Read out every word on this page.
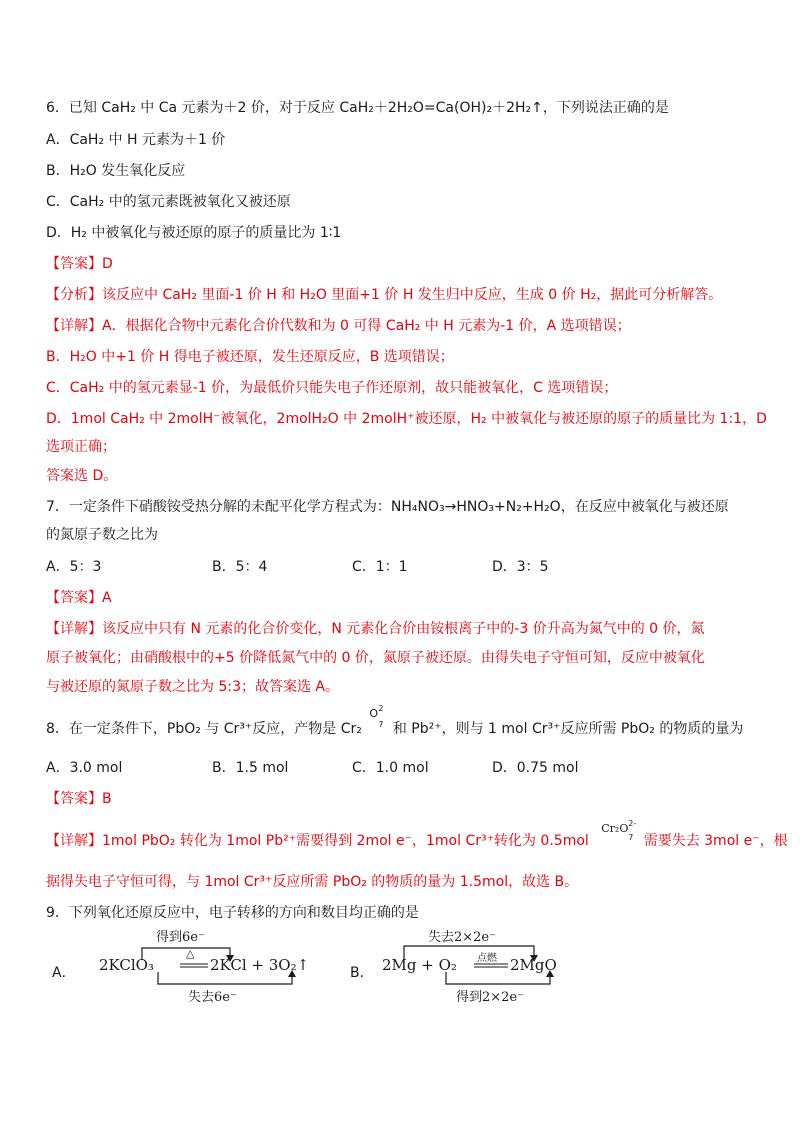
6．已知 CaH₂ 中 Ca 元素为＋2 价，对于反应 CaH₂＋2H₂O=Ca(OH)₂＋2H₂↑，下列说法正确的是
A．CaH₂ 中 H 元素为＋1 价
B．H₂O 发生氧化反应
C．CaH₂ 中的氢元素既被氧化又被还原
D．H₂ 中被氧化与被还原的原子的质量比为 1∶1
【答案】D
【分析】该反应中 CaH₂ 里面-1 价 H 和 H₂O 里面+1 价 H 发生归中反应，生成 0 价 H₂，据此可分析解答。
【详解】A．根据化合物中元素化合价代数和为 0 可得 CaH₂ 中 H 元素为-1 价，A 选项错误；
B．H₂O 中+1 价 H 得电子被还原，发生还原反应，B 选项错误；
C．CaH₂ 中的氢元素显-1 价，为最低价只能失电子作还原剂，故只能被氧化，C 选项错误；
D．1mol CaH₂ 中 2molH⁻被氧化，2molH₂O 中 2molH⁺被还原，H₂ 中被氧化与被还原的原子的质量比为 1:1，D
选项正确；
答案选 D。
7．一定条件下硝酸铵受热分解的未配平化学方程式为：NH₄NO₃→HNO₃+N₂+H₂O，在反应中被氧化与被还原
的氮原子数之比为
A．5：3	B．5：4	C．1：1	D．3：5
【答案】A
【详解】该反应中只有 N 元素的化合价变化，N 元素化合价由铵根离子中的-3 价升高为氮气中的 0 价，氮
原子被氧化；由硝酸根中的+5 价降低氮气中的 0 价，氮原子被还原。由得失电子守恒可知，反应中被氧化
与被还原的氮原子数之比为 5:3；故答案选 A。
8．在一定条件下，PbO₂ 与 Cr³⁺反应，产物是 Cr₂
O 2
7 和 Pb²⁺，则与 1 mol Cr³⁺反应所需 PbO₂ 的物质的量为
A．3.0 mol	B．1.5 mol	C．1.0 mol	D．0.75 mol
【答案】B
【详解】1mol PbO₂ 转化为 1mol Pb²⁺需要得到 2mol e⁻，1mol Cr³⁺转化为 0.5mol
Cr₂O 2-
7 需要失去 3mol e⁻，根
据得失电子守恒可得，与 1mol Cr³⁺反应所需 PbO₂ 的物质的量为 1.5mol，故选 B。
9．下列氧化还原反应中，电子转移的方向和数目均正确的是
A．
得到6e⁻
2KClO₃
△
2KCl + 3O₂↑
失去6e⁻
B．
失去2×2e⁻
2Mg + O₂ 点燃 2MgO
得到2×2e⁻
